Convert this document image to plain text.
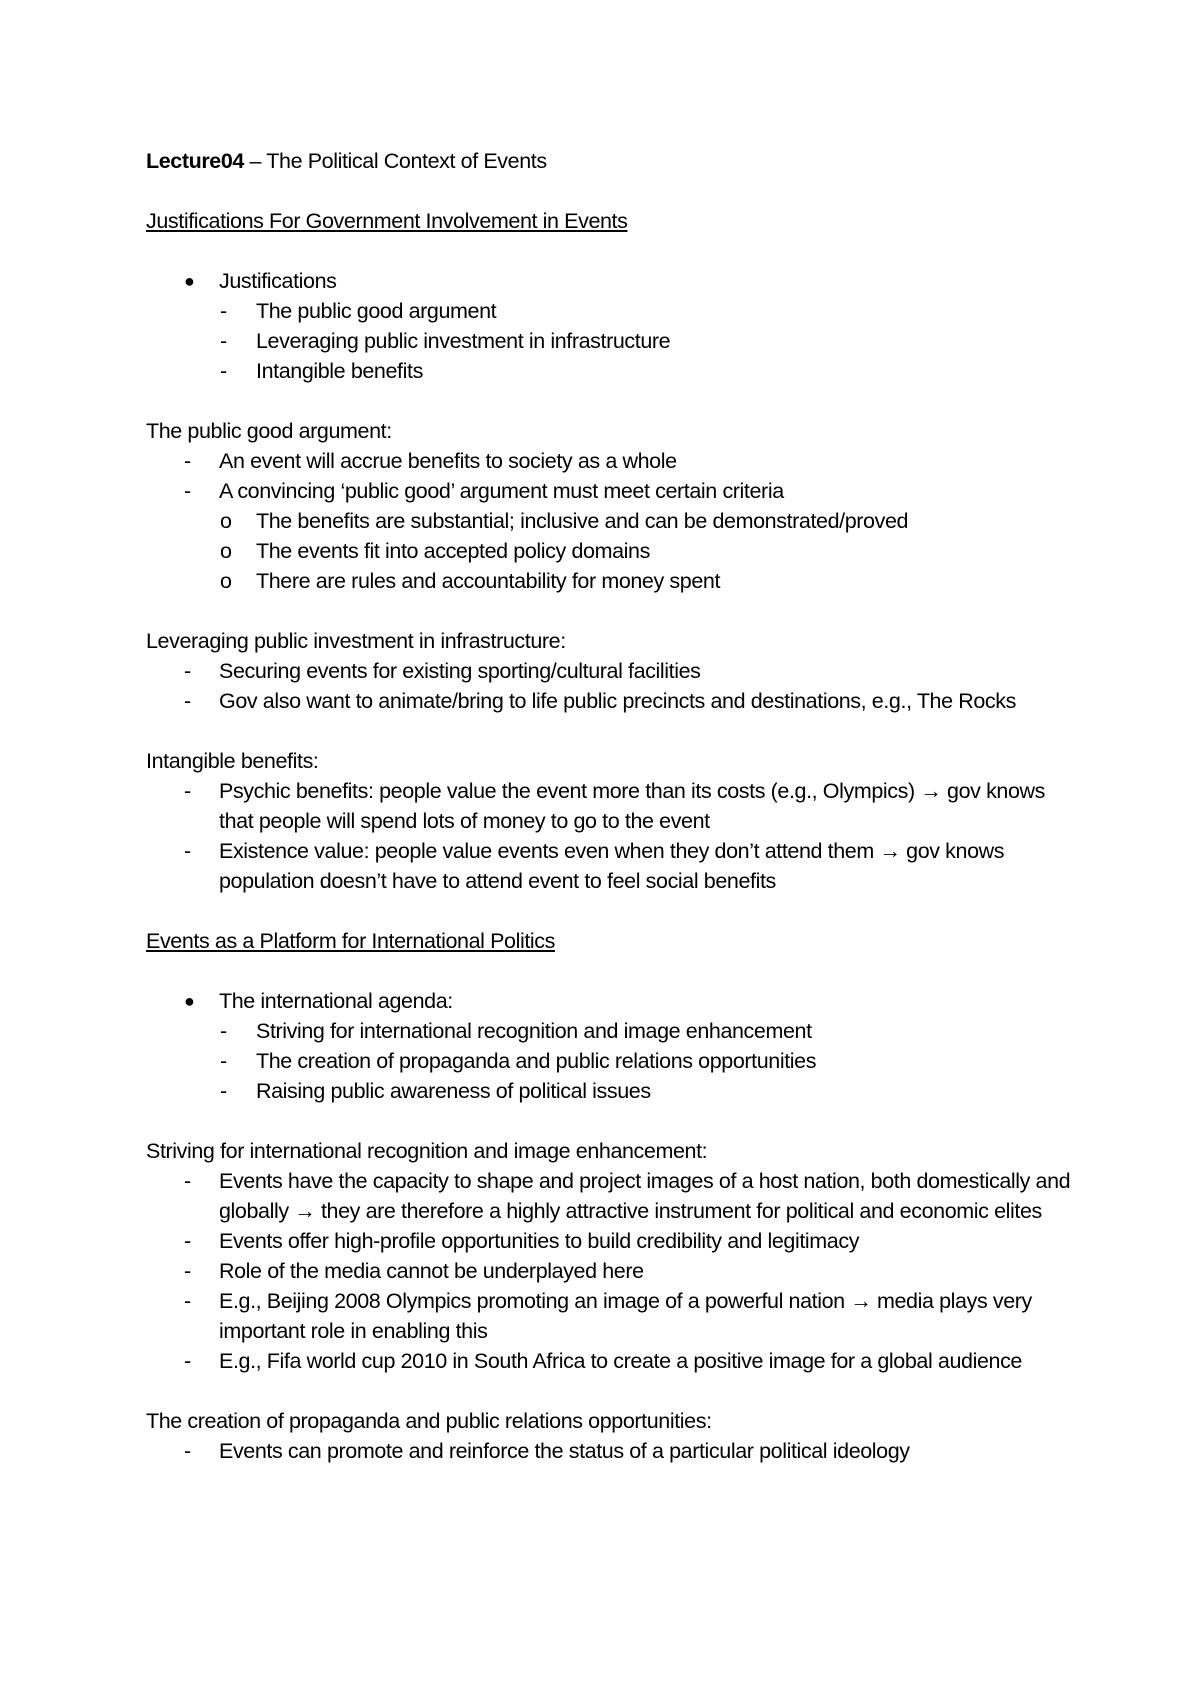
Lecture04 – The Political Context of Events

Justifications For Government Involvement in Events

● Justifications

- The public good argument

- Leveraging public investment in infrastructure

- Intangible benefits

The public good argument:

- An event will accrue benefits to society as a whole

- A convincing ‘public good’ argument must meet certain criteria

o The benefits are substantial; inclusive and can be demonstrated/proved

o The events fit into accepted policy domains

o There are rules and accountability for money spent

Leveraging public investment in infrastructure:

- Securing events for existing sporting/cultural facilities

- Gov also want to animate/bring to life public precincts and destinations, e.g., The Rocks

Intangible benefits:

- Psychic benefits: people value the event more than its costs (e.g., Olympics) → gov knows that people will spend lots of money to go to the event

- Existence value: people value events even when they don’t attend them → gov knows population doesn’t have to attend event to feel social benefits

Events as a Platform for International Politics

● The international agenda:

- Striving for international recognition and image enhancement

- The creation of propaganda and public relations opportunities

- Raising public awareness of political issues

Striving for international recognition and image enhancement:

- Events have the capacity to shape and project images of a host nation, both domestically and globally → they are therefore a highly attractive instrument for political and economic elites

- Events offer high-profile opportunities to build credibility and legitimacy

- Role of the media cannot be underplayed here

- E.g., Beijing 2008 Olympics promoting an image of a powerful nation → media plays very important role in enabling this

- E.g., Fifa world cup 2010 in South Africa to create a positive image for a global audience

The creation of propaganda and public relations opportunities:

- Events can promote and reinforce the status of a particular political ideology
